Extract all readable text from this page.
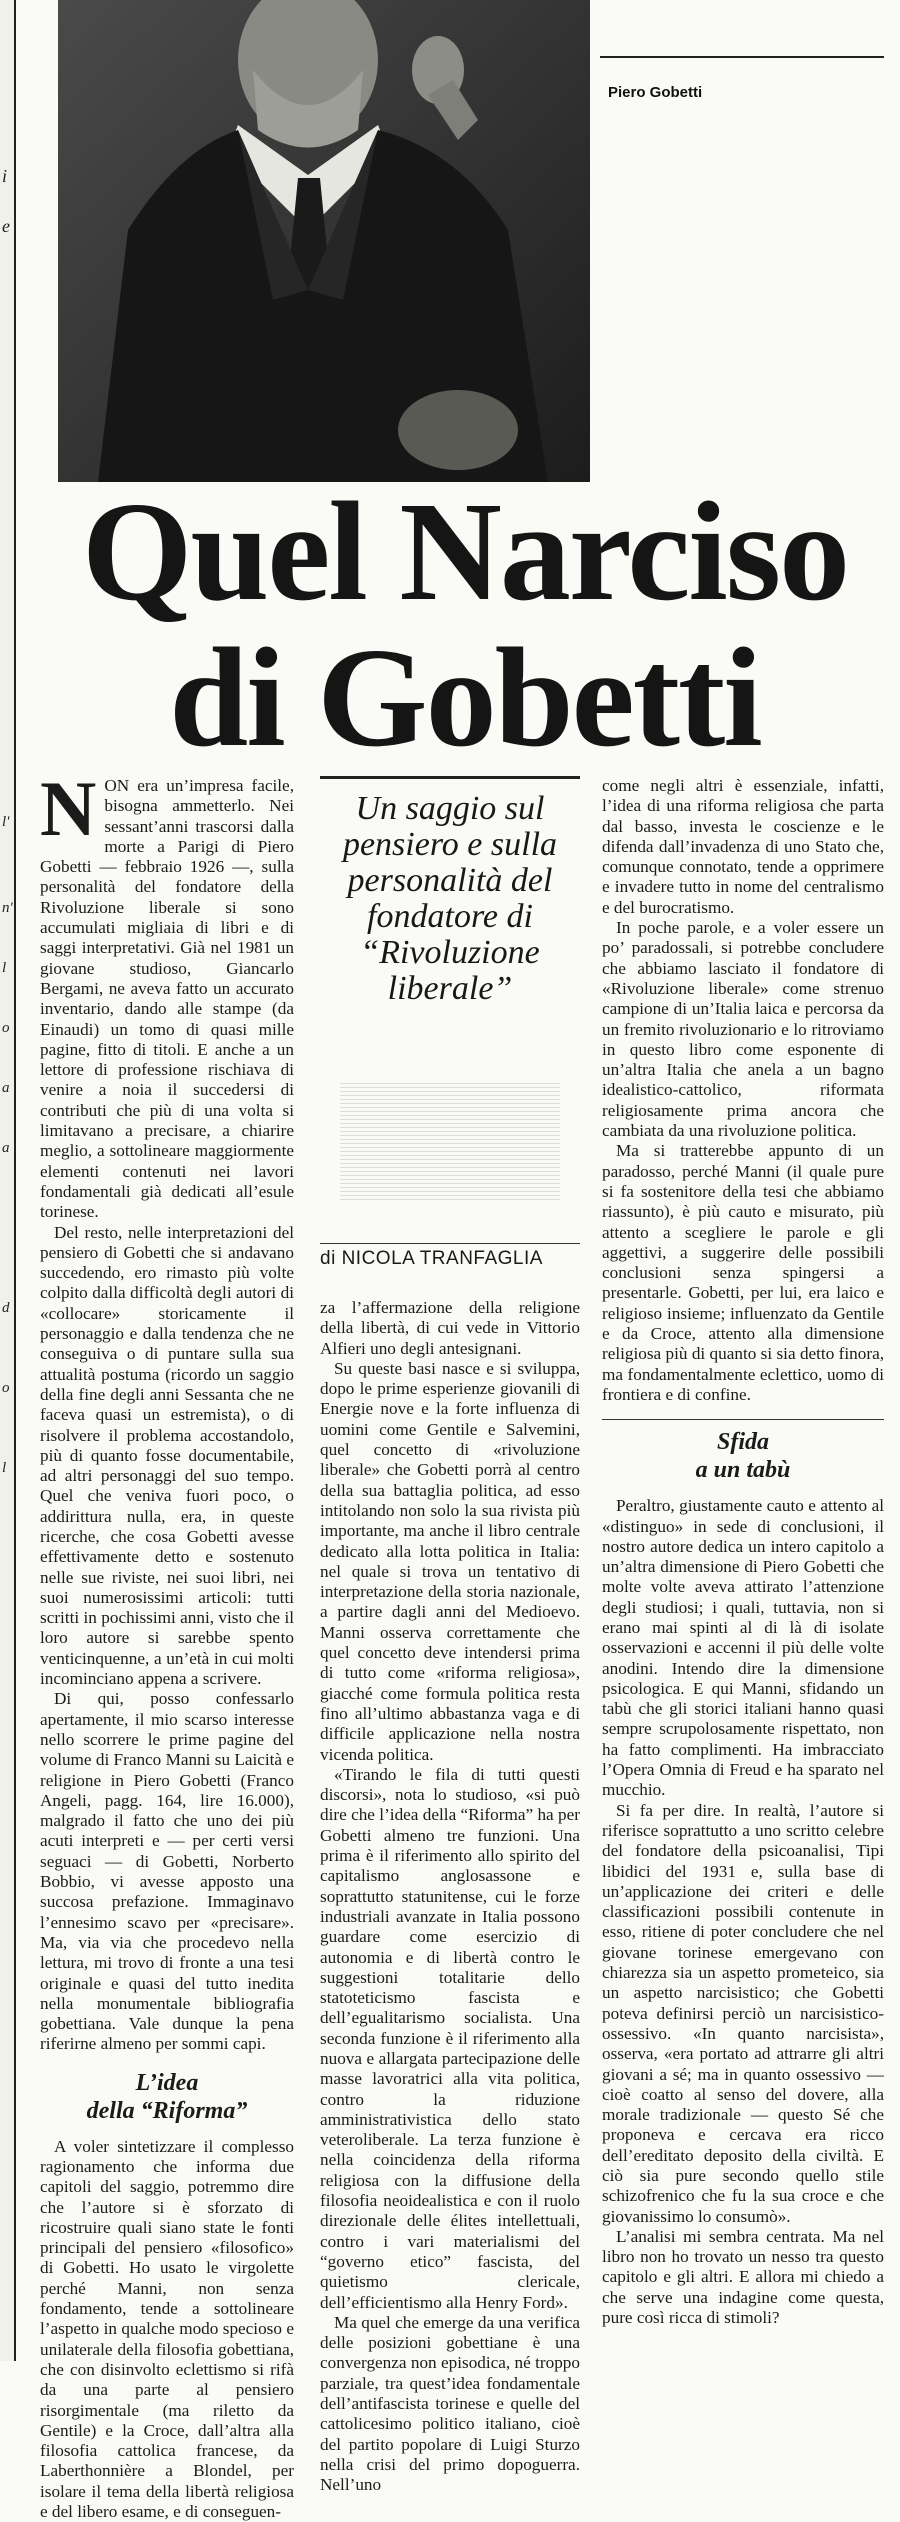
i
e
l'
n'
l
o
a
a
d
o
l
Piero Gobetti
Quel Narciso
di Gobetti

NON era un’impresa facile, bisogna ammetterlo. Nei sessant’anni trascorsi dalla morte a Parigi di Piero Gobetti — febbraio 1926 —, sulla personalità del fondatore della Rivoluzione liberale si sono accumulati migliaia di libri e di saggi interpretativi. Già nel 1981 un giovane studioso, Giancarlo Bergami, ne aveva fatto un accurato inventario, dando alle stampe (da Einaudi) un tomo di quasi mille pagine, fitto di titoli. E anche a un lettore di professione rischiava di venire a noia il succedersi di contributi che più di una volta si limitavano a precisare, a chiarire meglio, a sottolineare maggiormente elementi contenuti nei lavori fondamentali già dedicati all’esule torinese.

Del resto, nelle interpretazioni del pensiero di Gobetti che si andavano succedendo, ero rimasto più volte colpito dalla difficoltà degli autori di «collocare» storicamente il personaggio e dalla tendenza che ne conseguiva o di puntare sulla sua attualità postuma (ricordo un saggio della fine degli anni Sessanta che ne faceva quasi un estremista), o di risolvere il problema accostandolo, più di quanto fosse documentabile, ad altri personaggi del suo tempo. Quel che veniva fuori poco, o addirittura nulla, era, in queste ricerche, che cosa Gobetti avesse effettivamente detto e sostenuto nelle sue riviste, nei suoi libri, nei suoi numerosissimi articoli: tutti scritti in pochissimi anni, visto che il loro autore si sarebbe spento venticinquenne, a un’età in cui molti incominciano appena a scrivere.

Di qui, posso confessarlo apertamente, il mio scarso interesse nello scorrere le prime pagine del volume di Franco Manni su Laicità e religione in Piero Gobetti (Franco Angeli, pagg. 164, lire 16.000), malgrado il fatto che uno dei più acuti interpreti e — per certi versi seguaci — di Gobetti, Norberto Bobbio, vi avesse apposto una succosa prefazione. Immaginavo l’ennesimo scavo per «precisare». Ma, via via che procedevo nella lettura, mi trovo di fronte a una tesi originale e quasi del tutto inedita nella monumentale bibliografia gobettiana. Vale dunque la pena riferirne almeno per sommi capi.

L’idea
della “Riforma”

A voler sintetizzare il complesso ragionamento che informa due capitoli del saggio, potremmo dire che l’autore si è sforzato di ricostruire quali siano state le fonti principali del pensiero «filosofico» di Gobetti. Ho usato le virgolette perché Manni, non senza fondamento, tende a sottolineare l’aspetto in qualche modo specioso e unilaterale della filosofia gobettiana, che con disinvolto eclettismo si rifà da una parte al pensiero risorgimentale (ma riletto da Gentile) e la Croce, dall’altra alla filosofia cattolica francese, da Laberthonnière a Blondel, per isolare il tema della libertà religiosa e del libero esame, e di conseguen-

Un saggio sul pensiero e sulla personalità del fondatore di “Rivoluzione liberale”
di NICOLA TRANFAGLIA

za l’affermazione della religione della libertà, di cui vede in Vittorio Alfieri uno degli antesignani.

Su queste basi nasce e si sviluppa, dopo le prime esperienze giovanili di Energie nove e la forte influenza di uomini come Gentile e Salvemini, quel concetto di «rivoluzione liberale» che Gobetti porrà al centro della sua battaglia politica, ad esso intitolando non solo la sua rivista più importante, ma anche il libro centrale dedicato alla lotta politica in Italia: nel quale si trova un tentativo di interpretazione della storia nazionale, a partire dagli anni del Medioevo. Manni osserva correttamente che quel concetto deve intendersi prima di tutto come «riforma religiosa», giacché come formula politica resta fino all’ultimo abbastanza vaga e di difficile applicazione nella nostra vicenda politica.

«Tirando le fila di tutti questi discorsi», nota lo studioso, «si può dire che l’idea della “Riforma” ha per Gobetti almeno tre funzioni. Una prima è il riferimento allo spirito del capitalismo anglosassone e soprattutto statunitense, cui le forze industriali avanzate in Italia possono guardare come esercizio di autonomia e di libertà contro le suggestioni totalitarie dello statoteticismo fascista e dell’egualitarismo socialista. Una seconda funzione è il riferimento alla nuova e allargata partecipazione delle masse lavoratrici alla vita politica, contro la riduzione amministrativistica dello stato veteroliberale. La terza funzione è nella coincidenza della riforma religiosa con la diffusione della filosofia neoidealistica e con il ruolo direzionale delle élites intellettuali, contro i vari materialismi del “governo etico” fascista, del quietismo clericale, dell’efficientismo alla Henry Ford».

Ma quel che emerge da una verifica delle posizioni gobettiane è una convergenza non episodica, né troppo parziale, tra quest’idea fondamentale dell’antifascista torinese e quelle del cattolicesimo politico italiano, cioè del partito popolare di Luigi Sturzo nella crisi del primo dopoguerra. Nell’uno

come negli altri è essenziale, infatti, l’idea di una riforma religiosa che parta dal basso, investa le coscienze e le difenda dall’invadenza di uno Stato che, comunque connotato, tende a opprimere e invadere tutto in nome del centralismo e del burocratismo.

In poche parole, e a voler essere un po’ paradossali, si potrebbe concludere che abbiamo lasciato il fondatore di «Rivoluzione liberale» come strenuo campione di un’Italia laica e percorsa da un fremito rivoluzionario e lo ritroviamo in questo libro come esponente di un’altra Italia che anela a un bagno idealistico-cattolico, riformata religiosamente prima ancora che cambiata da una rivoluzione politica.

Ma si tratterebbe appunto di un paradosso, perché Manni (il quale pure si fa sostenitore della tesi che abbiamo riassunto), è più cauto e misurato, più attento a scegliere le parole e gli aggettivi, a suggerire delle possibili conclusioni senza spingersi a presentarle. Gobetti, per lui, era laico e religioso insieme; influenzato da Gentile e da Croce, attento alla dimensione religiosa più di quanto si sia detto finora, ma fondamentalmente eclettico, uomo di frontiera e di confine.

Sfida
a un tabù

Peraltro, giustamente cauto e attento al «distinguo» in sede di conclusioni, il nostro autore dedica un intero capitolo a un’altra dimensione di Piero Gobetti che molte volte aveva attirato l’attenzione degli studiosi; i quali, tuttavia, non si erano mai spinti al di là di isolate osservazioni e accenni il più delle volte anodini. Intendo dire la dimensione psicologica. E qui Manni, sfidando un tabù che gli storici italiani hanno quasi sempre scrupolosamente rispettato, non ha fatto complimenti. Ha imbracciato l’Opera Omnia di Freud e ha sparato nel mucchio.

Si fa per dire. In realtà, l’autore si riferisce soprattutto a uno scritto celebre del fondatore della psicoanalisi, Tipi libidici del 1931 e, sulla base di un’applicazione dei criteri e delle classificazioni possibili contenute in esso, ritiene di poter concludere che nel giovane torinese emergevano con chiarezza sia un aspetto prometeico, sia un aspetto narcisistico; che Gobetti poteva definirsi perciò un narcisistico-ossessivo. «In quanto narcisista», osserva, «era portato ad attrarre gli altri giovani a sé; ma in quanto ossessivo — cioè coatto al senso del dovere, alla morale tradizionale — questo Sé che proponeva e cercava era ricco dell’ereditato deposito della civiltà. E ciò sia pure secondo quello stile schizofrenico che fu la sua croce e che giovanissimo lo consumò».

L’analisi mi sembra centrata. Ma nel libro non ho trovato un nesso tra questo capitolo e gli altri. E allora mi chiedo a che serve una indagine come questa, pure così ricca di stimoli?
